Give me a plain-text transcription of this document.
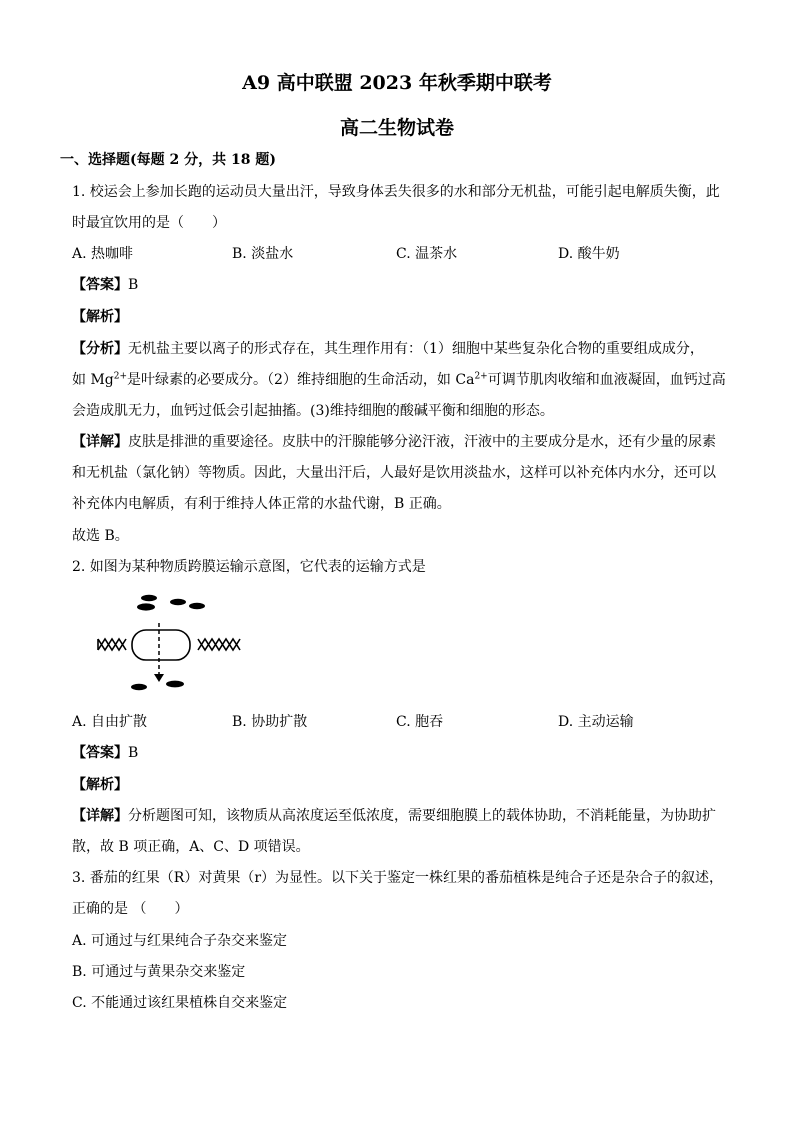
A9 高中联盟 2023 年秋季期中联考
高二生物试卷
一、选择题(每题 2 分，共 18 题)
1. 校运会上参加长跑的运动员大量出汗，导致身体丢失很多的水和部分无机盐，可能引起电解质失衡，此
时最宜饮用的是（　　）
A. 热咖啡	B. 淡盐水	C. 温茶水	D. 酸牛奶
【答案】B
【解析】
【分析】无机盐主要以离子的形式存在，其生理作用有：（1）细胞中某些复杂化合物的重要组成成分，
如 $Mg^{2+}$是叶绿素的必要成分。（2）维持细胞的生命活动，如 $Ca^{2+}$可调节肌肉收缩和血液凝固，血钙过高
会造成肌无力，血钙过低会引起抽搐。(3)维持细胞的酸碱平衡和细胞的形态。
【详解】皮肤是排泄的重要途径。皮肤中的汗腺能够分泌汗液，汗液中的主要成分是水，还有少量的尿素
和无机盐（氯化钠）等物质。因此，大量出汗后，人最好是饮用淡盐水，这样可以补充体内水分，还可以
补充体内电解质，有利于维持人体正常的水盐代谢，B 正确。
故选 B。
2. 如图为某种物质跨膜运输示意图，它代表的运输方式是
A. 自由扩散	B. 协助扩散	C. 胞吞	D. 主动运输
【答案】B
【解析】
【详解】分析题图可知，该物质从高浓度运至低浓度，需要细胞膜上的载体协助，不消耗能量，为协助扩
散，故 B 项正确，A、C、D 项错误。
3. 番茄的红果（R）对黄果（r）为显性。以下关于鉴定一株红果的番茄植株是纯合子还是杂合子的叙述，
正确的是 （　　）
A. 可通过与红果纯合子杂交来鉴定
B. 可通过与黄果杂交来鉴定
C. 不能通过该红果植株自交来鉴定
